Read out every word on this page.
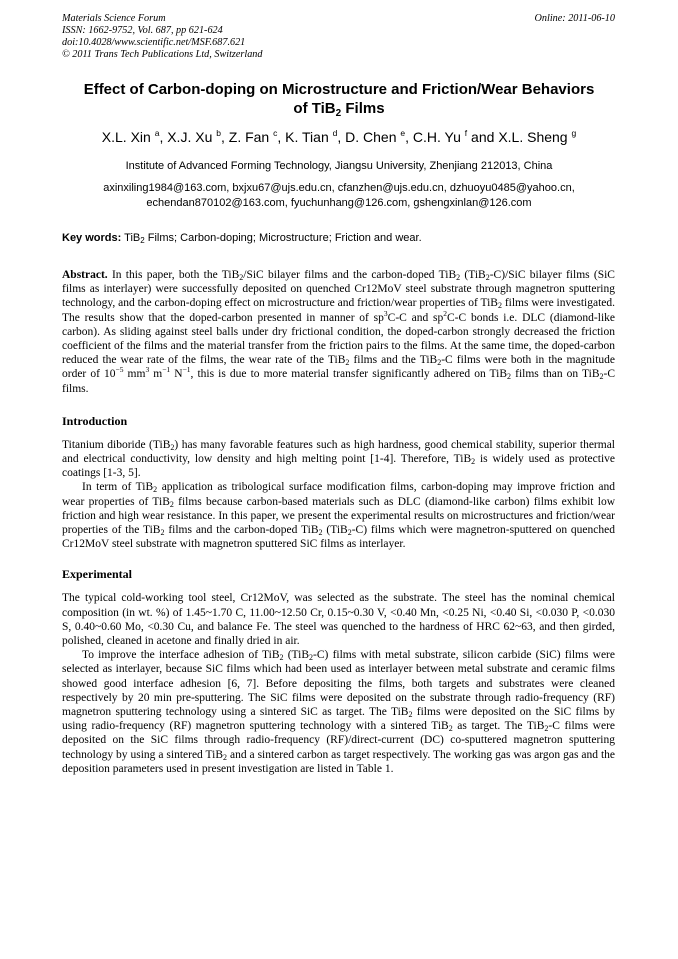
Materials Science Forum
ISSN: 1662-9752, Vol. 687, pp 621-624
doi:10.4028/www.scientific.net/MSF.687.621
© 2011 Trans Tech Publications Ltd, Switzerland
Online: 2011-06-10
Effect of Carbon-doping on Microstructure and Friction/Wear Behaviors
of TiB$_2$ Films
X.L. Xin $^a$, X.J. Xu $^b$, Z. Fan $^c$, K. Tian $^d$, D. Chen $^e$, C.H. Yu $^f$ and X.L. Sheng $^g$
Institute of Advanced Forming Technology, Jiangsu University, Zhenjiang 212013, China
axinxiling1984@163.com, bxjxu67@ujs.edu.cn, cfanzhen@ujs.edu.cn, dzhuoyu0485@yahoo.cn,
echendan870102@163.com, fyuchunhang@126.com, gshengxinlan@126.com
Key words: TiB$_2$ Films; Carbon-doping; Microstructure; Friction and wear.

Abstract. In this paper, both the TiB$_2$/SiC bilayer films and the carbon-doped TiB$_2$ (TiB$_2$-C)/SiC bilayer films (SiC films as interlayer) were successfully deposited on quenched Cr12MoV steel substrate through magnetron sputtering technology, and the carbon-doping effect on microstructure and friction/wear properties of TiB$_2$ films were investigated. The results show that the doped-carbon presented in manner of $sp^3C-C$ and $sp^2C-C$ bonds i.e. DLC (diamond-like carbon). As sliding against steel balls under dry frictional condition, the doped-carbon strongly decreased the friction coefficient of the films and the material transfer from the friction pairs to the films. At the same time, the doped-carbon reduced the wear rate of the films, the wear rate of the TiB$_2$ films and the TiB$_2$-C films were both in the magnitude order of $10^{-5}$ $mm^3$ $m^{-1}$ $N^{-1}$, this is due to more material transfer significantly adhered on TiB$_2$ films than on TiB$_2$-C films.

Introduction

Titanium diboride (TiB$_2$) has many favorable features such as high hardness, good chemical stability, superior thermal and electrical conductivity, low density and high melting point [1-4]. Therefore, TiB$_2$ is widely used as protective coatings [1-3, 5].

In term of TiB$_2$ application as tribological surface modification films, carbon-doping may improve friction and wear properties of TiB$_2$ films because carbon-based materials such as DLC (diamond-like carbon) films exhibit low friction and high wear resistance. In this paper, we present the experimental results on microstructures and friction/wear properties of the TiB$_2$ films and the carbon-doped TiB$_2$ (TiB$_2$-C) films which were magnetron-sputtered on quenched Cr12MoV steel substrate with magnetron sputtered SiC films as interlayer.

Experimental

The typical cold-working tool steel, Cr12MoV, was selected as the substrate. The steel has the nominal chemical composition (in wt. %) of 1.45~1.70 C, 11.00~12.50 Cr, 0.15~0.30 V, <0.40 Mn, <0.25 Ni, <0.40 Si, <0.030 P, <0.030 S, 0.40~0.60 Mo, <0.30 Cu, and balance Fe. The steel was quenched to the hardness of HRC 62~63, and then girded, polished, cleaned in acetone and finally dried in air.

To improve the interface adhesion of TiB$_2$ (TiB$_2$-C) films with metal substrate, silicon carbide (SiC) films were selected as interlayer, because SiC films which had been used as interlayer between metal substrate and ceramic films showed good interface adhesion [6, 7]. Before depositing the films, both targets and substrates were cleaned respectively by 20 min pre-sputtering. The SiC films were deposited on the substrate through radio-frequency (RF) magnetron sputtering technology using a sintered SiC as target. The TiB$_2$ films were deposited on the SiC films by using radio-frequency (RF) magnetron sputtering technology with a sintered TiB$_2$ as target. The TiB$_2$-C films were deposited on the SiC films through radio-frequency (RF)/direct-current (DC) co-sputtered magnetron sputtering technology by using a sintered TiB$_2$ and a sintered carbon as target respectively. The working gas was argon gas and the deposition parameters used in present investigation are listed in Table 1.
